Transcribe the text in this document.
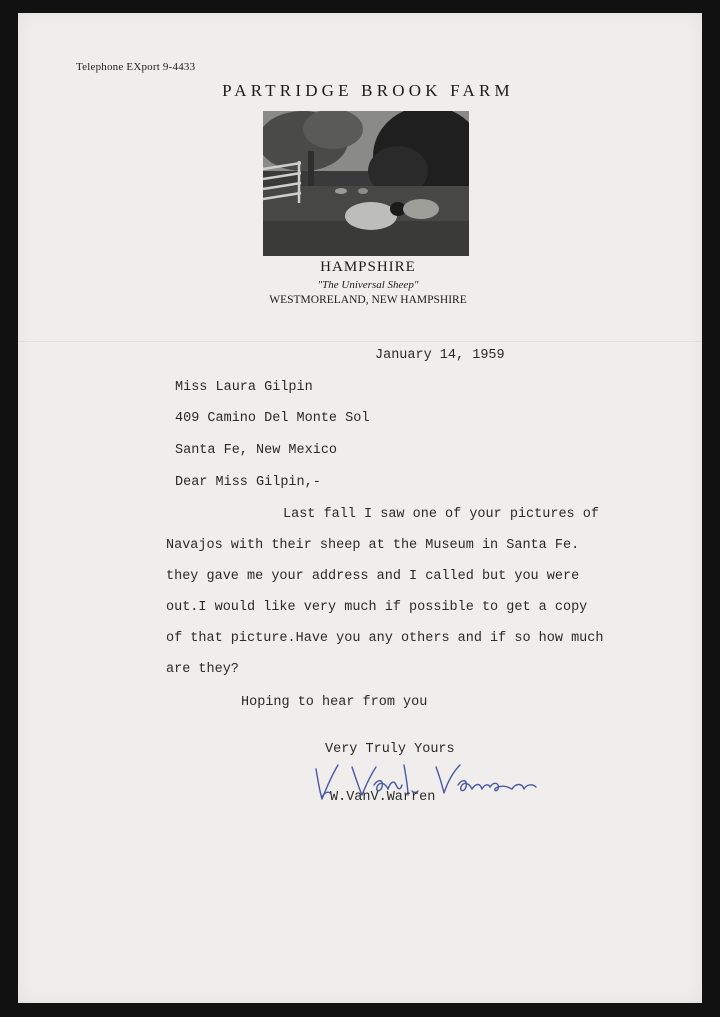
Telephone EXport 9-4433
PARTRIDGE BROOK FARM
HAMPSHIRE
"The Universal Sheep"
WESTMORELAND, NEW HAMPSHIRE
January 14, 1959
Miss Laura Gilpin
409 Camino Del Monte Sol
Santa Fe, New Mexico
Dear Miss Gilpin,-
Last fall I saw one of your pictures of
Navajos with their sheep at the Museum in Santa Fe.
they gave me your address and I called but you were
out.I would like very much if possible to get a copy
of that picture.Have you any others and if so how much
are they?
Hoping to hear from you
Very Truly Yours
W.VanV.Warren
